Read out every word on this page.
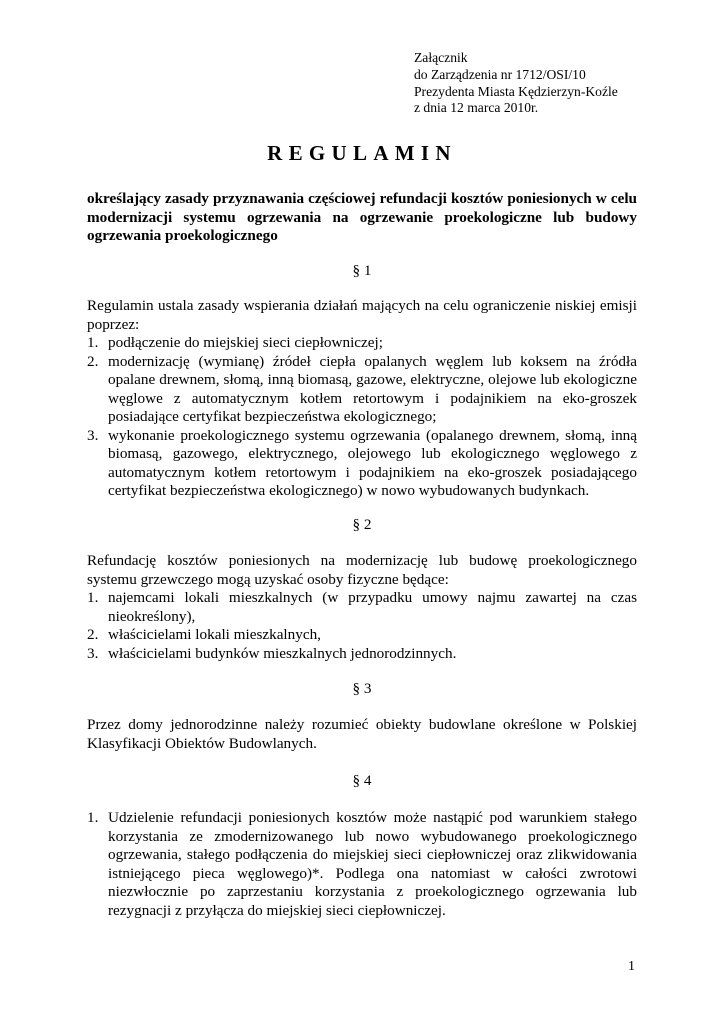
Załącznik
do Zarządzenia nr 1712/OSI/10
Prezydenta Miasta Kędzierzyn-Koźle
z dnia 12 marca 2010r.
REGULAMIN
określający zasady przyznawania częściowej refundacji kosztów poniesionych w celu modernizacji systemu ogrzewania na ogrzewanie proekologiczne lub budowy ogrzewania proekologicznego
§ 1
Regulamin ustala zasady wspierania działań mających na celu ograniczenie niskiej emisji poprzez:
1. podłączenie do miejskiej sieci ciepłowniczej;
2. modernizację (wymianę) źródeł ciepła opalanych węglem lub koksem na źródła opalane drewnem, słomą, inną biomasą, gazowe, elektryczne, olejowe lub ekologiczne węglowe z automatycznym kotłem retortowym i podajnikiem na eko-groszek posiadające certyfikat bezpieczeństwa ekologicznego;
3. wykonanie proekologicznego systemu ogrzewania (opalanego drewnem, słomą, inną biomasą, gazowego, elektrycznego, olejowego lub ekologicznego węglowego z automatycznym kotłem retortowym i podajnikiem na eko-groszek posiadającego certyfikat bezpieczeństwa ekologicznego) w nowo wybudowanych budynkach.
§ 2
Refundację kosztów poniesionych na modernizację lub budowę proekologicznego systemu grzewczego mogą uzyskać osoby fizyczne będące:
1. najemcami lokali mieszkalnych (w przypadku umowy najmu zawartej na czas nieokreślony),
2. właścicielami lokali mieszkalnych,
3. właścicielami budynków mieszkalnych jednorodzinnych.
§ 3
Przez domy jednorodzinne należy rozumieć obiekty budowlane określone w Polskiej Klasyfikacji Obiektów Budowlanych.
§ 4
1. Udzielenie refundacji poniesionych kosztów może nastąpić pod warunkiem stałego korzystania ze zmodernizowanego lub nowo wybudowanego proekologicznego ogrzewania, stałego podłączenia do miejskiej sieci ciepłowniczej oraz zlikwidowania istniejącego pieca węglowego)*. Podlega ona natomiast w całości zwrotowi niezwłocznie po zaprzestaniu korzystania z proekologicznego ogrzewania lub rezygnacji z przyłącza do miejskiej sieci ciepłowniczej.
1
